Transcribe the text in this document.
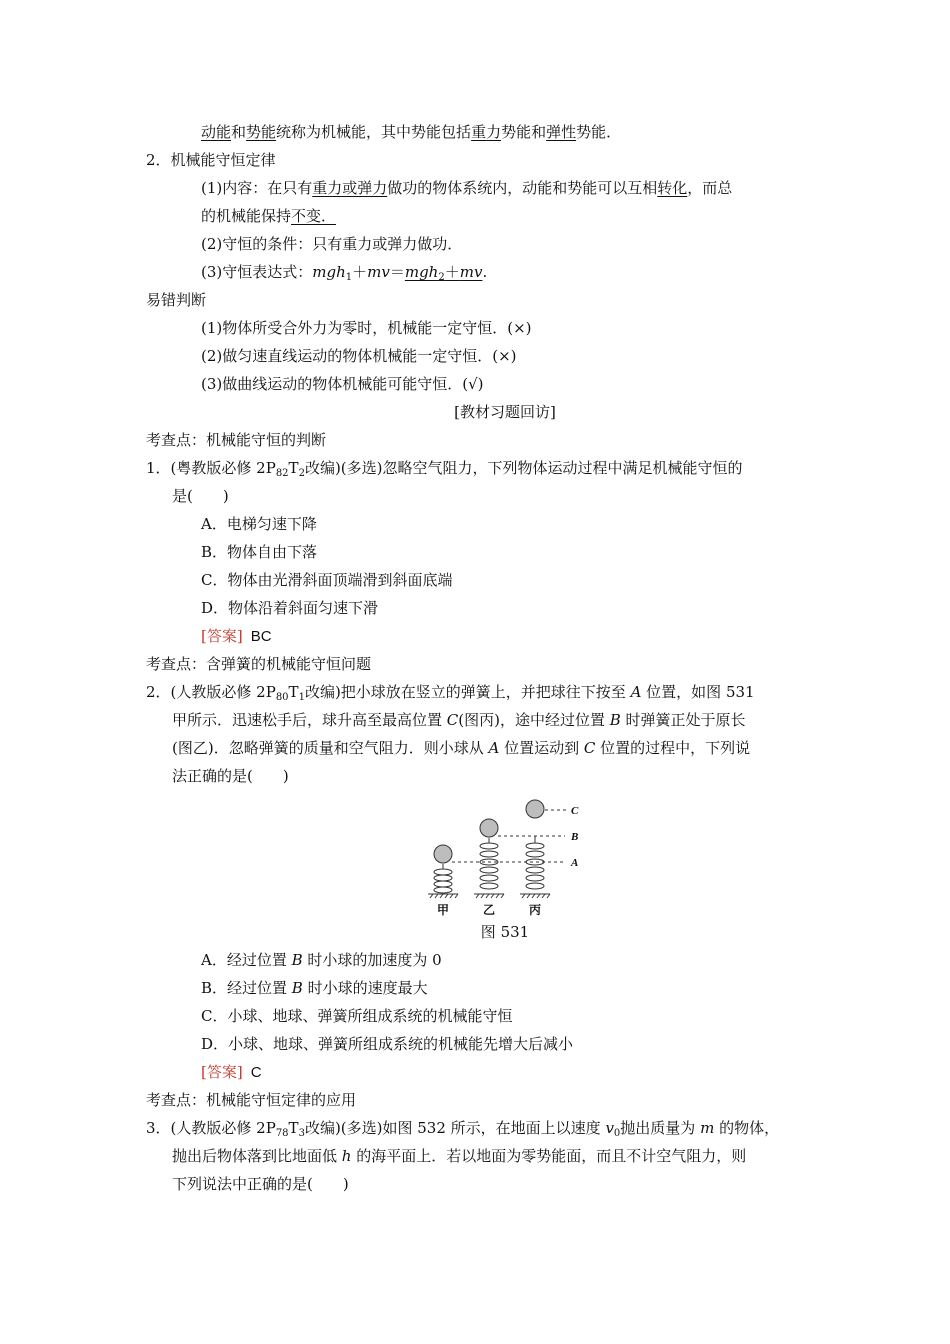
动能和势能统称为机械能，其中势能包括重力势能和弹性势能．
2．机械能守恒定律
(1)内容：在只有重力或弹力做功的物体系统内，动能和势能可以互相转化，而总
的机械能保持不变．
(2)守恒的条件：只有重力或弹力做功．
(3)守恒表达式：mgh$_1$＋mv＝mgh$_2$＋mv.
易错判断
(1)物体所受合外力为零时，机械能一定守恒．(×)
(2)做匀速直线运动的物体机械能一定守恒．(×)
(3)做曲线运动的物体机械能可能守恒．(√)
[教材习题回访]
考查点：机械能守恒的判断
1．(粤教版必修 $2P_{82}T_2$改编)(多选)忽略空气阻力，下列物体运动过程中满足机械能守恒的
是(　　)
A．电梯匀速下降
B．物体自由下落
C．物体由光滑斜面顶端滑到斜面底端
D．物体沿着斜面匀速下滑
[答案] BC
考查点：含弹簧的机械能守恒问题
2．(人教版必修 $2P_{80}T_1$改编)把小球放在竖立的弹簧上，并把球往下按至 A 位置，如图 531
甲所示．迅速松手后，球升高至最高位置 C(图丙)，途中经过位置 B 时弹簧正处于原长
(图乙)．忽略弹簧的质量和空气阻力．则小球从 A 位置运动到 C 位置的过程中，下列说
法正确的是(　　)
C
B
A
甲	乙	丙
图 531
A．经过位置 B 时小球的加速度为 0
B．经过位置 B 时小球的速度最大
C．小球、地球、弹簧所组成系统的机械能守恒
D．小球、地球、弹簧所组成系统的机械能先增大后减小
[答案] C
考查点：机械能守恒定律的应用
3．(人教版必修 $2P_{78}T_3$改编)(多选)如图 532 所示，在地面上以速度 $v_0$抛出质量为 m 的物体，
抛出后物体落到比地面低 h 的海平面上．若以地面为零势能面，而且不计空气阻力，则
下列说法中正确的是(　　)
